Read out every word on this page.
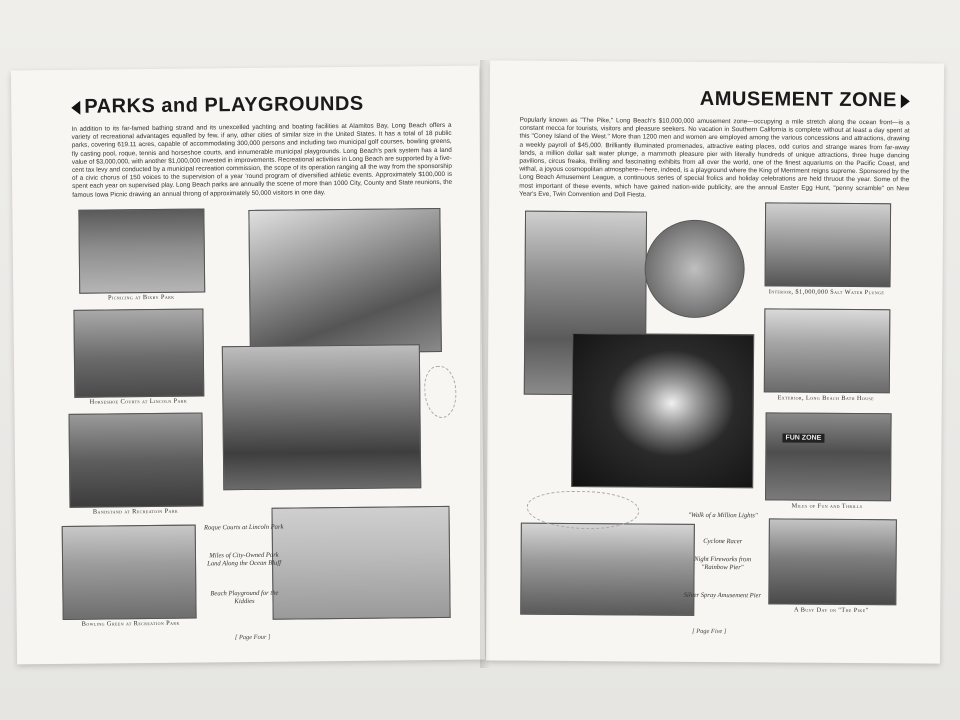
PARKS and PLAYGROUNDS
In addition to its far-famed bathing strand and its unexcelled yachting and boating facilities at Alamitos Bay, Long Beach offers a variety of recreational advantages equalled by few, if any, other cities of similar size in the United States. It has a total of 18 public parks, covering 619.11 acres, capable of accommodating 300,000 persons and including two municipal golf courses, bowling greens, fly casting pool, roque, tennis and horseshoe courts, and innumerable municipal playgrounds. Long Beach's park system has a land value of $3,000,000, with another $1,000,000 invested in improvements. Recreational activities in Long Beach are supported by a five-cent tax levy and conducted by a municipal recreation commission, the scope of its operation ranging all the way from the sponsorship of a civic chorus of 150 voices to the supervision of a year 'round program of diversified athletic events. Approximately $100,000 is spent each year on supervised play. Long Beach parks are annually the scene of more than 1000 City, County and State reunions, the famous Iowa Picnic drawing an annual throng of approximately 50,000 visitors in one day.
Picnicing at Bixby Park
Horseshoe Courts at Lincoln Park
Bandstand at Recreation Park
Bowling Green at Recreation Park
Roque Courts at Lincoln Park
Miles of City-Owned Park Land Along the Ocean Bluff
Beach Playground for the Kiddies
[ Page Four ]
Popularly known as "The Pike," Long Beach's $10,000,000 amusement zone—occupying a mile stretch along the ocean front—is a constant mecca for tourists, visitors and pleasure seekers. No vacation in Southern California is complete without at least a day spent at this "Coney Island of the West." More than 1200 men and women are employed among the various concessions and attractions, drawing a weekly payroll of $45,000. Brilliantly illuminated promenades, attractive eating places, odd curios and strange wares from far-away lands, a million dollar salt water plunge, a mammoth pleasure pier with literally hundreds of unique attractions, three huge dancing pavilions, circus freaks, thrilling and fascinating exhibits from all over the world, one of the finest aquariums on the Pacific Coast, and withal, a joyous cosmopolitan atmosphere—here, indeed, is a playground where the King of Merriment reigns supreme. Sponsored by the Long Beach Amusement League, a continuous series of special frolics and holiday celebrations are held thruout the year. Some of the most important of these events, which have gained nation-wide publicity, are the annual Easter Egg Hunt, "penny scramble" on New Year's Eve, Twin Convention and Doll Fiesta.
AMUSEMENT ZONE
"Walk of a Million Lights"
Cyclone Racer
Night Fireworks from "Rainbow Pier"
Silver Spray Amusement Pier
Interior, $1,000,000 Salt Water Plunge
Exterior, Long Beach Bath House
FUN ZONE
Miles of Fun and Thrills
A Busy Day on "The Pike"
[ Page Five ]
